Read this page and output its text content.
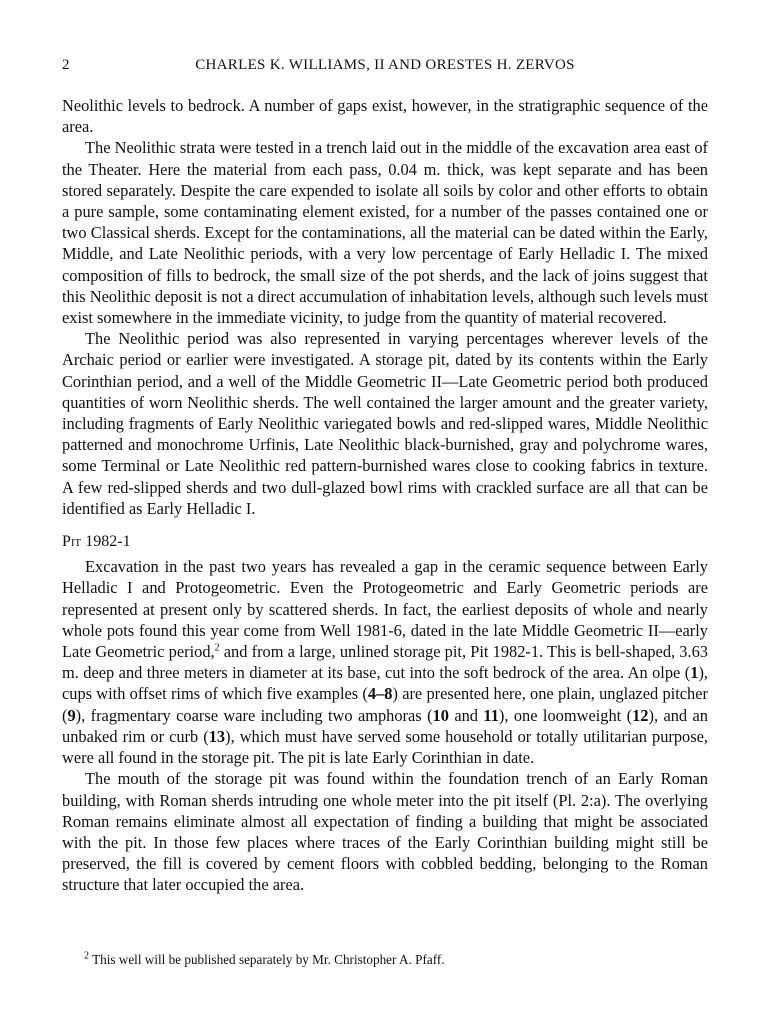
2	CHARLES K. WILLIAMS, II AND ORESTES H. ZERVOS

Neolithic levels to bedrock. A number of gaps exist, however, in the stratigraphic sequence of the area.

The Neolithic strata were tested in a trench laid out in the middle of the excavation area east of the Theater. Here the material from each pass, 0.04 m. thick, was kept separate and has been stored separately. Despite the care expended to isolate all soils by color and other efforts to obtain a pure sample, some contaminating element existed, for a number of the passes contained one or two Classical sherds. Except for the contaminations, all the material can be dated within the Early, Middle, and Late Neolithic periods, with a very low percentage of Early Helladic I. The mixed composition of fills to bedrock, the small size of the pot sherds, and the lack of joins suggest that this Neolithic deposit is not a direct accumulation of inhabitation levels, although such levels must exist somewhere in the immediate vicinity, to judge from the quantity of material recovered.

The Neolithic period was also represented in varying percentages wherever levels of the Archaic period or earlier were investigated. A storage pit, dated by its contents within the Early Corinthian period, and a well of the Middle Geometric II—Late Geometric period both produced quantities of worn Neolithic sherds. The well contained the larger amount and the greater variety, including fragments of Early Neolithic variegated bowls and red-slipped wares, Middle Neolithic patterned and monochrome Urfinis, Late Neolithic black-burnished, gray and polychrome wares, some Terminal or Late Neolithic red pattern-burnished wares close to cooking fabrics in texture. A few red-slipped sherds and two dull-glazed bowl rims with crackled surface are all that can be identified as Early Helladic I.

Pit 1982-1

Excavation in the past two years has revealed a gap in the ceramic sequence between Early Helladic I and Protogeometric. Even the Protogeometric and Early Geometric periods are represented at present only by scattered sherds. In fact, the earliest deposits of whole and nearly whole pots found this year come from Well 1981-6, dated in the late Middle Geometric II—early Late Geometric period,$^2$ and from a large, unlined storage pit, Pit 1982-1. This is bell-shaped, 3.63 m. deep and three meters in diameter at its base, cut into the soft bedrock of the area. An olpe (1), cups with offset rims of which five examples (4–8) are presented here, one plain, unglazed pitcher (9), fragmentary coarse ware including two amphoras (10 and 11), one loomweight (12), and an unbaked rim or curb (13), which must have served some household or totally utilitarian purpose, were all found in the storage pit. The pit is late Early Corinthian in date.

The mouth of the storage pit was found within the foundation trench of an Early Roman building, with Roman sherds intruding one whole meter into the pit itself (Pl. 2:a). The overlying Roman remains eliminate almost all expectation of finding a building that might be associated with the pit. In those few places where traces of the Early Corinthian building might still be preserved, the fill is covered by cement floors with cobbled bedding, belonging to the Roman structure that later occupied the area.

$^2$ This well will be published separately by Mr. Christopher A. Pfaff.
